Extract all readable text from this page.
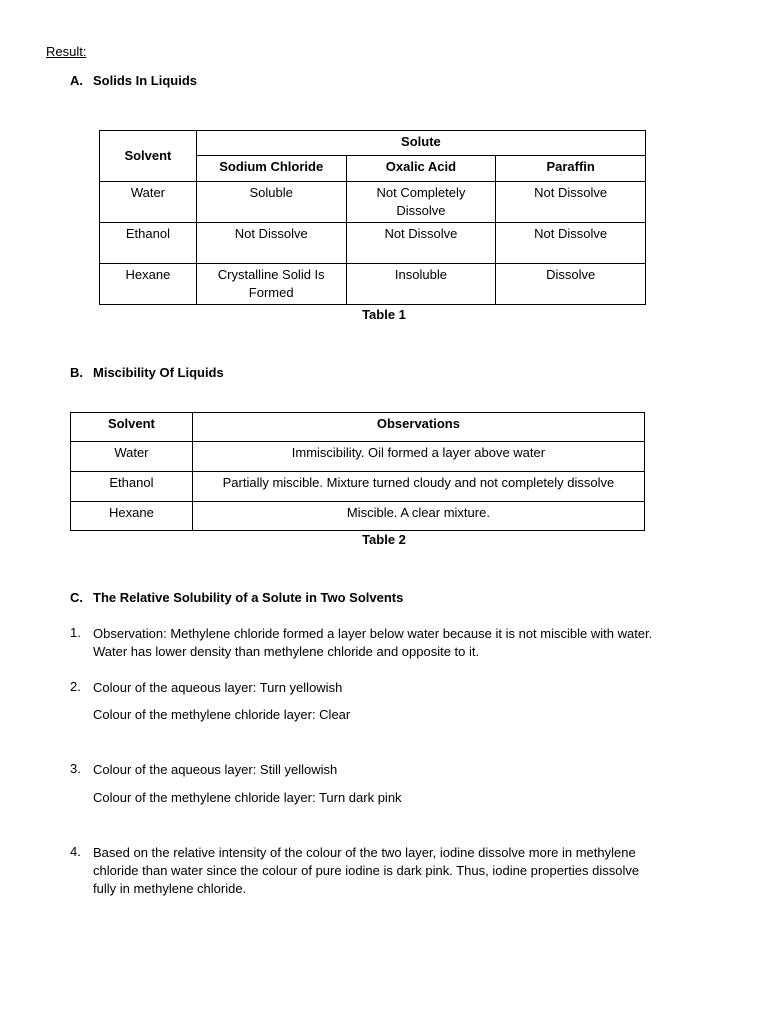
Result:
A. Solids In Liquids
Solvent	Solute		
	Sodium Chloride	Oxalic Acid	Paraffin
Water	Soluble	Not Completely Dissolve	Not Dissolve
Ethanol	Not Dissolve	Not Dissolve	Not Dissolve
Hexane	Crystalline Solid Is Formed	Insoluble	Dissolve
Table 1
B. Miscibility Of Liquids
Solvent	Observations
Water	Immiscibility. Oil formed a layer above water
Ethanol	Partially miscible. Mixture turned cloudy and not completely dissolve
Hexane	Miscible. A clear mixture.
Table 2
C. The Relative Solubility of a Solute in Two Solvents
1. Observation: Methylene chloride formed a layer below water because it is not miscible with water.
Water has lower density than methylene chloride and opposite to it.
2. Colour of the aqueous layer: Turn yellowish
Colour of the methylene chloride layer: Clear
3. Colour of the aqueous layer: Still yellowish
Colour of the methylene chloride layer: Turn dark pink
4. Based on the relative intensity of the colour of the two layer, iodine dissolve more in methylene
chloride than water since the colour of pure iodine is dark pink. Thus, iodine properties dissolve
fully in methylene chloride.
